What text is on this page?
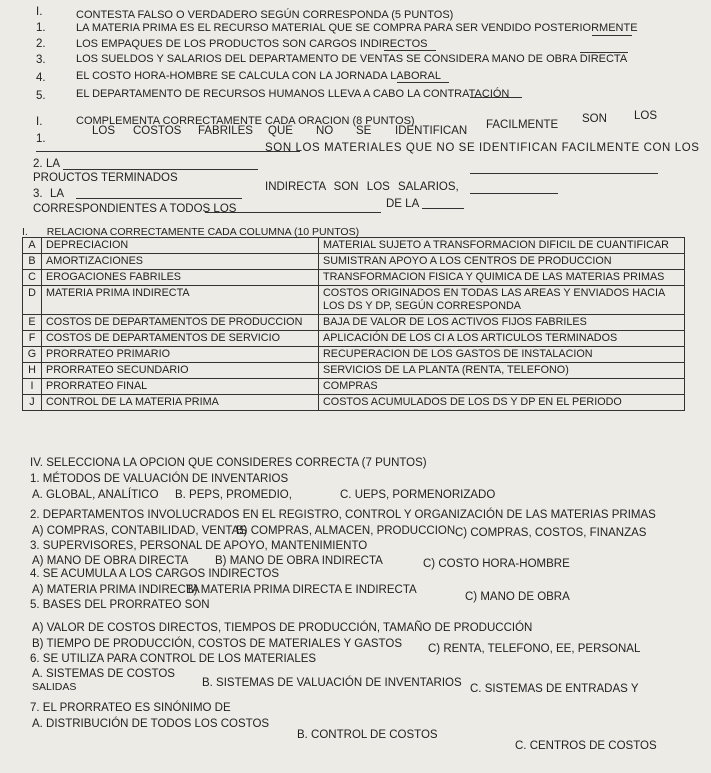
I.	CONTESTA FALSO O VERDADERO SEGÚN CORRESPONDA (5 PUNTOS)
1.	LA MATERIA PRIMA ES EL RECURSO MATERIAL QUE SE COMPRA PARA SER VENDIDO POSTERIORMENTE
2.	LOS EMPAQUES DE LOS PRODUCTOS SON CARGOS INDIRECTOS
3.	LOS SUELDOS Y SALARIOS DEL DEPARTAMENTO DE VENTAS SE CONSIDERA MANO DE OBRA DIRECTA
4.	EL COSTO HORA-HOMBRE SE CALCULA CON LA JORNADA LABORAL
5.	EL DEPARTAMENTO DE RECURSOS HUMANOS LLEVA A CABO LA CONTRATACIÓN
I.	COMPLEMENTA CORRECTAMENTE CADA ORACION (8 PUNTOS)
1.
LOS COSTOS FABRILES QUE NO SE IDENTIFICAN FACILMENTE SON LOS
2. LA
SON LOS MATERIALES QUE NO SE IDENTIFICAN FACILMENTE CON LOS
PROUCTOS TERMINADOS
3. LA
INDIRECTA SON LOS SALARIOS,
CORRESPONDIENTES A TODOS LOS	DE LA
I. RELACIONA CORRECTAMENTE CADA COLUMNA (10 PUNTOS)
A	DEPRECIACION	MATERIAL SUJETO A TRANSFORMACION DIFICIL DE CUANTIFICAR
B	AMORTIZACIONES	SUMISTRAN APOYO A LOS CENTROS DE PRODUCCION
C	EROGACIONES FABRILES	TRANSFORMACION FISICA Y QUIMICA DE LAS MATERIAS PRIMAS
D	MATERIA PRIMA INDIRECTA	COSTOS ORIGINADOS EN TODAS LAS AREAS Y ENVIADOS HACIA LOS DS Y DP, SEGÚN CORRESPONDA
E	COSTOS DE DEPARTAMENTOS DE PRODUCCION	BAJA DE VALOR DE LOS ACTIVOS FIJOS FABRILES
F	COSTOS DE DEPARTAMENTOS DE SERVICIO	APLICACIÓN DE LOS CI A LOS ARTICULOS TERMINADOS
G	PRORRATEO PRIMARIO	RECUPERACION DE LOS GASTOS DE INSTALACION
H	PRORRATEO SECUNDARIO	SERVICIOS DE LA PLANTA (RENTA, TELEFONO)
I	PRORRATEO FINAL	COMPRAS
J	CONTROL DE LA MATERIA PRIMA	COSTOS ACUMULADOS DE LOS DS Y DP EN EL PERIODO
IV. SELECCIONA LA OPCION QUE CONSIDERES CORRECTA (7 PUNTOS)
1. MÉTODOS DE VALUACIÓN DE INVENTARIOS
A. GLOBAL, ANALÍTICO B. PEPS, PROMEDIO,	C. UEPS, PORMENORIZADO
2. DEPARTAMENTOS INVOLUCRADOS EN EL REGISTRO, CONTROL Y ORGANIZACIÓN DE LAS MATERIAS PRIMAS
A) COMPRAS, CONTABILIDAD, VENTAS
B) COMPRAS, ALMACEN, PRODUCCION C) COMPRAS, COSTOS, FINANZAS
3. SUPERVISORES, PERSONAL DE APOYO, MANTENIMIENTO
A) MANO DE OBRA DIRECTA B) MANO DE OBRA INDIRECTA	C) COSTO HORA-HOMBRE
4. SE ACUMULA A LOS CARGOS INDIRECTOS
A) MATERIA PRIMA INDIRECTA
B) MATERIA PRIMA DIRECTA E INDIRECTA
C) MANO DE OBRA
5. BASES DEL PRORRATEO SON
A) VALOR DE COSTOS DIRECTOS, TIEMPOS DE PRODUCCIÓN, TAMAÑO DE PRODUCCIÓN
B) TIEMPO DE PRODUCCIÓN, COSTOS DE MATERIALES Y GASTOS C) RENTA, TELEFONO, EE, PERSONAL
6. SE UTILIZA PARA CONTROL DE LOS MATERIALES
A. SISTEMAS DE COSTOS
SALIDAS	B. SISTEMAS DE VALUACIÓN DE INVENTARIOS C. SISTEMAS DE ENTRADAS Y
7. EL PRORRATEO ES SINÓNIMO DE
A. DISTRIBUCIÓN DE TODOS LOS COSTOS
B. CONTROL DE COSTOS
C. CENTROS DE COSTOS
